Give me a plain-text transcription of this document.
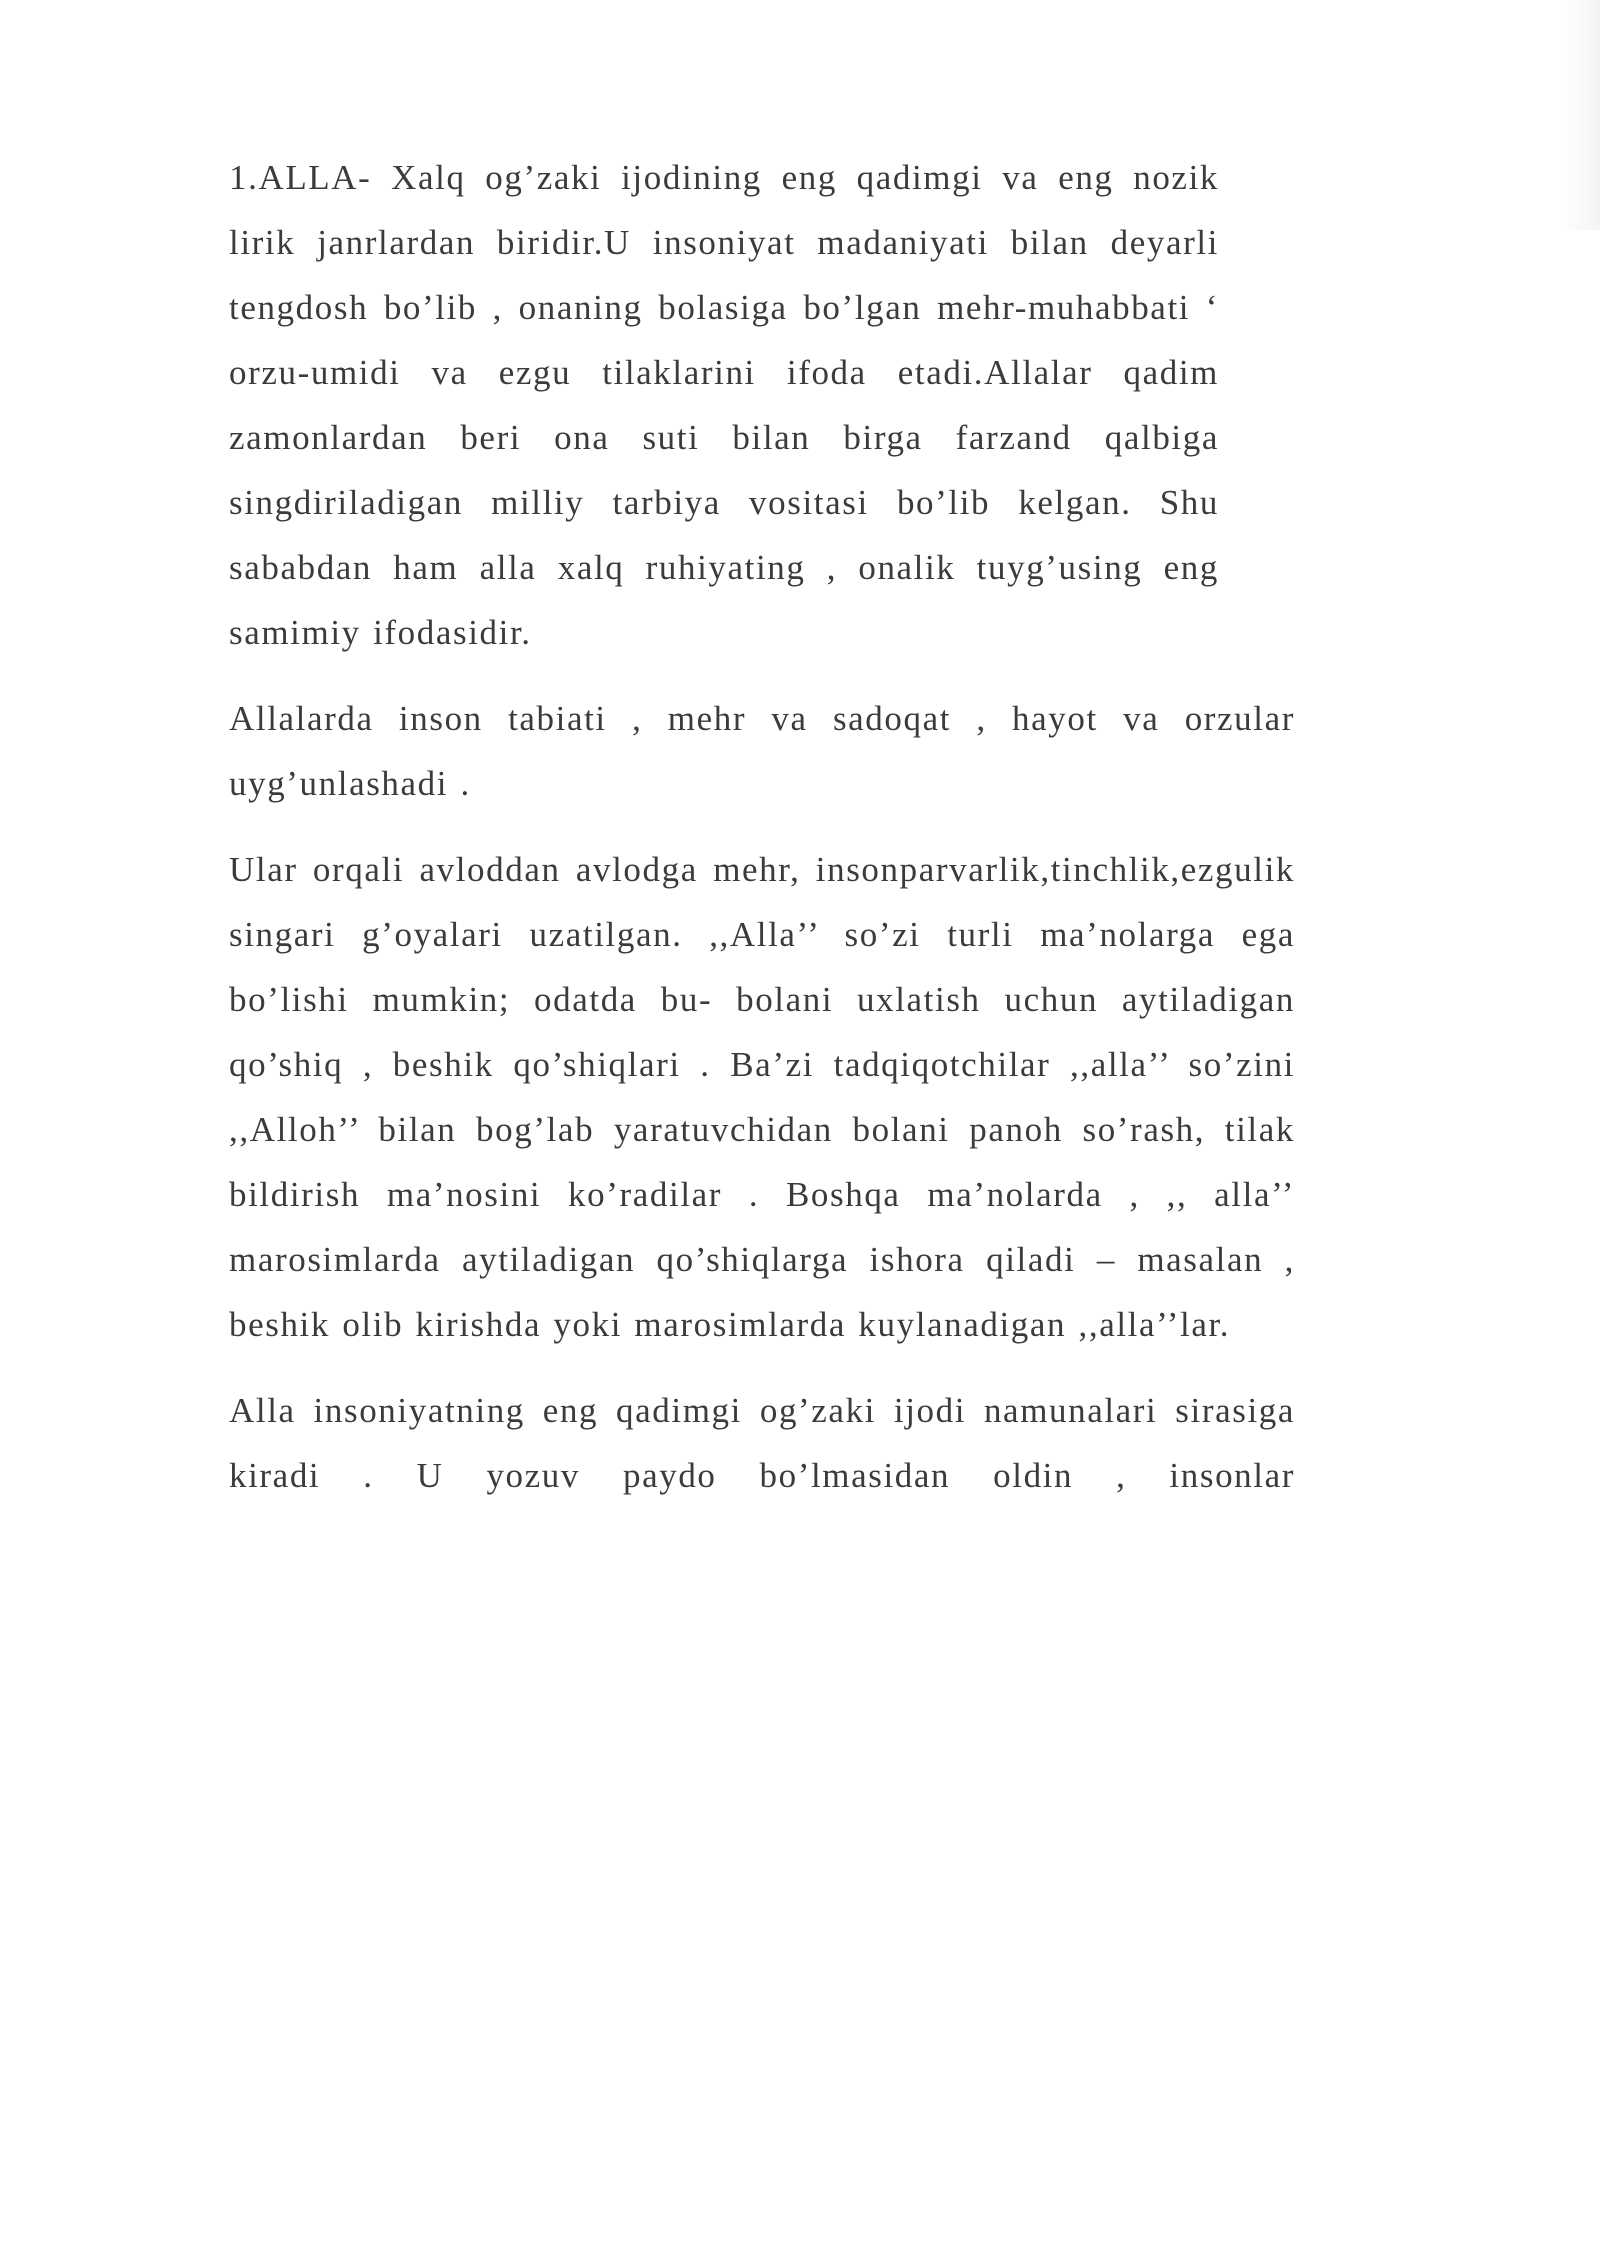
1.ALLA- Xalq og’zaki ijodining eng qadimgi va eng nozik lirik janrlardan biridir.U insoniyat madaniyati bilan deyarli tengdosh bo’lib , onaning bolasiga bo’lgan mehr-muhabbati ‘ orzu-umidi va ezgu tilaklarini ifoda etadi.Allalar qadim zamonlardan beri ona suti bilan birga farzand qalbiga singdiriladigan milliy tarbiya vositasi bo’lib kelgan. Shu sababdan ham alla xalq ruhiyating , onalik tuyg’using eng samimiy ifodasidir.

Allalarda inson tabiati , mehr va sadoqat , hayot va orzular uyg’unlashadi .

Ular orqali avloddan avlodga mehr, insonparvarlik,tinchlik,ezgulik singari g’oyalari uzatilgan. ,,Alla’’ so’zi turli ma’nolarga ega bo’lishi mumkin; odatda bu- bolani uxlatish uchun aytiladigan qo’shiq , beshik qo’shiqlari . Ba’zi tadqiqotchilar ,,alla’’ so’zini ,,Alloh’’ bilan bog’lab yaratuvchidan bolani panoh so’rash, tilak bildirish ma’nosini ko’radilar . Boshqa ma’nolarda , ,, alla’’ marosimlarda aytiladigan qo’shiqlarga ishora qiladi – masalan , beshik olib kirishda yoki marosimlarda kuylanadigan ,,alla’’lar.

Alla insoniyatning eng qadimgi og’zaki ijodi namunalari sirasiga kiradi . U yozuv paydo bo’lmasidan oldin , insonlar
